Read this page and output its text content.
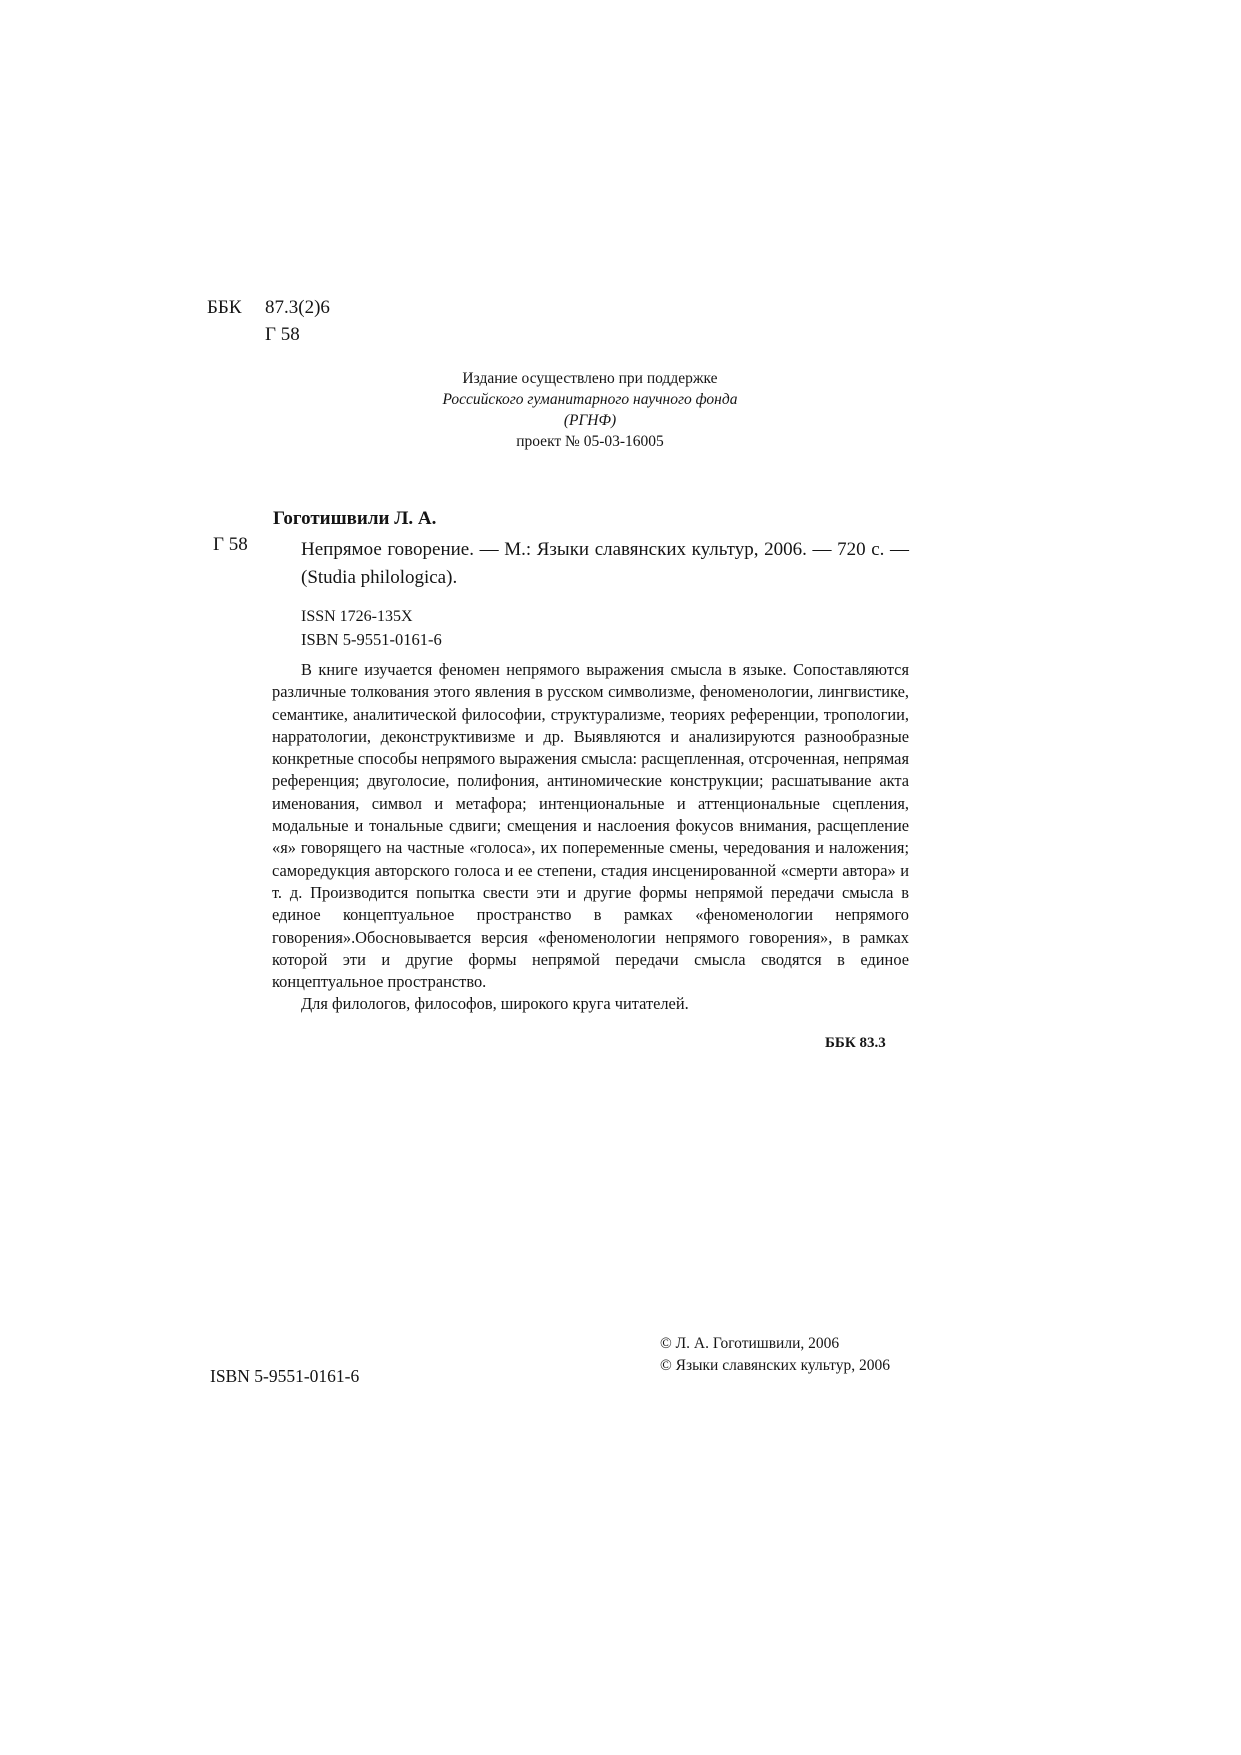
ББК 87.3(2)6
Г 58
Издание осуществлено при поддержке
Российского гуманитарного научного фонда
(РГНФ)
проект № 05-03-16005
Гоготишвили Л. А.
Г 58	Непрямое говорение. — М.: Языки славянских культур, 2006. — 720 с. — (Studia philologica).
ISSN 1726-135X
ISBN 5-9551-0161-6

В книге изучается феномен непрямого выражения смысла в языке. Сопоставляются различные толкования этого явления в русском символизме, феноменологии, лингвистике, семантике, аналитической философии, структурализме, теориях референции, тропологии, нарратологии, деконструктивизме и др. Выявляются и анализируются разнообразные конкретные способы непрямого выражения смысла: расщепленная, отсроченная, непрямая референция; двуголосие, полифония, антиномические конструкции; расшатывание акта именования, символ и метафора; интенциональные и аттенциональные сцепления, модальные и тональные сдвиги; смещения и наслоения фокусов внимания, расщепление «я» говорящего на частные «голоса», их попеременные смены, чередования и наложения; саморедукция авторского голоса и ее степени, стадия инсценированной «смерти автора» и т. д. Производится попытка свести эти и другие формы непрямой передачи смысла в единое концептуальное пространство в рамках «феноменологии непрямого говорения».Обосновывается версия «феноменологии непрямого говорения», в рамках которой эти и другие формы непрямой передачи смысла сводятся в единое концептуальное пространство.

Для филологов, философов, широкого круга читателей.

ББК 83.3
© Л. А. Гоготишвили, 2006
© Языки славянских культур, 2006
ISBN 5-9551-0161-6
